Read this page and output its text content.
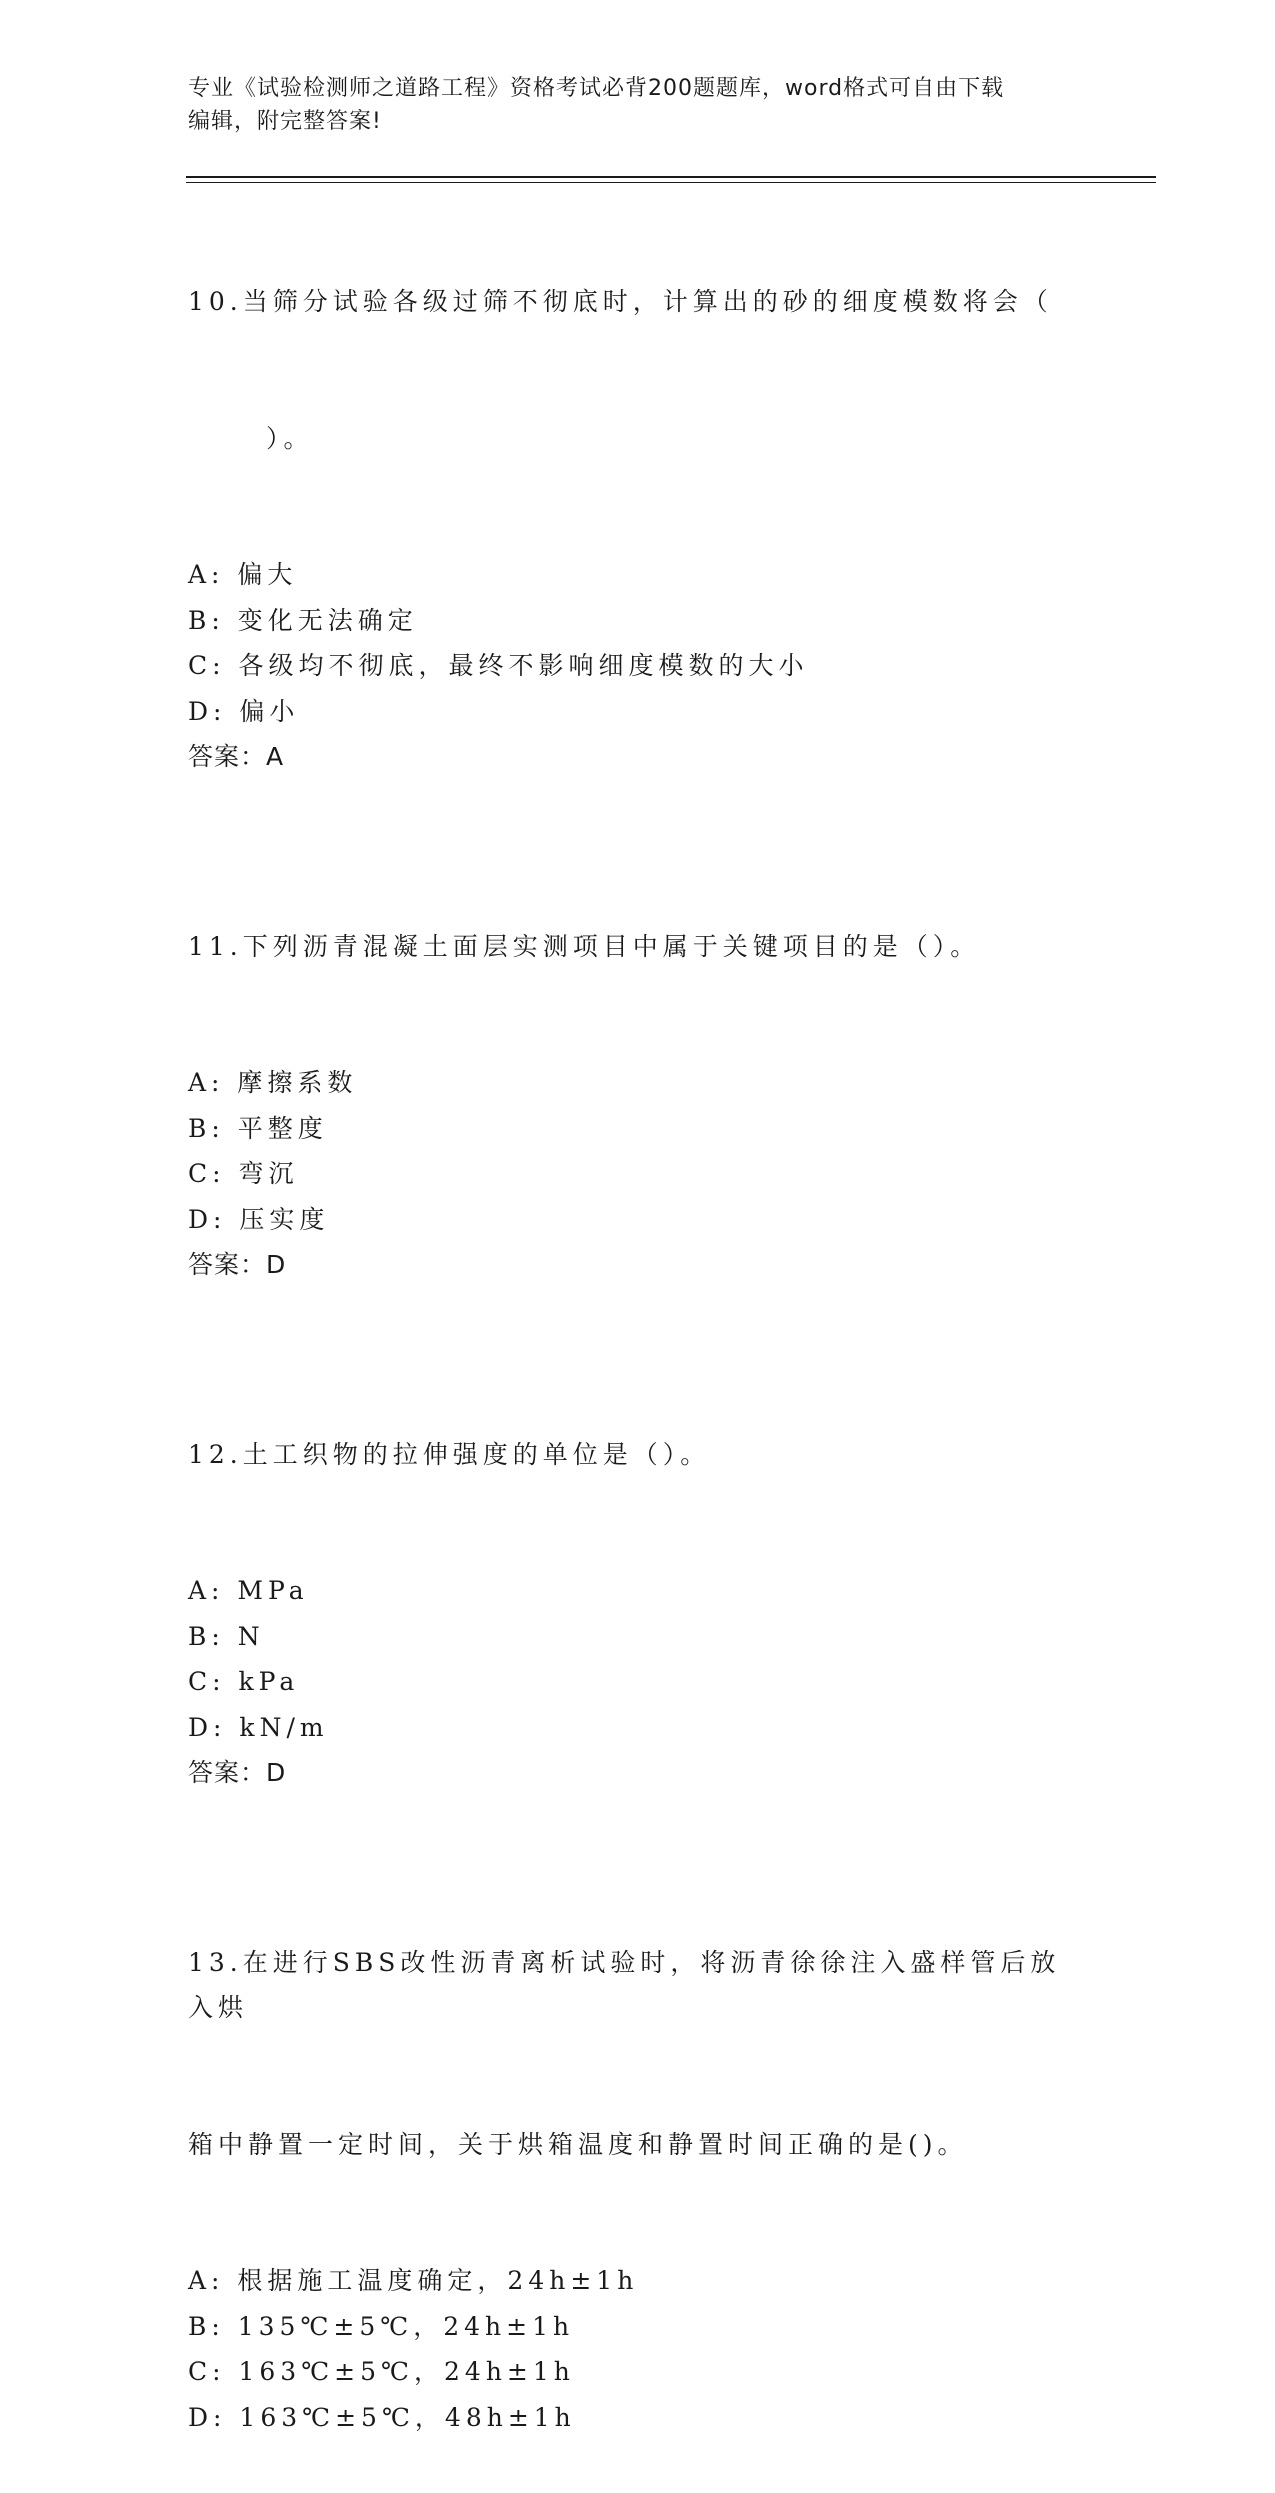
专业《试验检测师之道路工程》资格考试必背200题题库，word格式可自由下载
编辑，附完整答案!

10.当筛分试验各级过筛不彻底时，计算出的砂的细度模数将会（

）。

A: 偏大
B: 变化无法确定
C: 各级均不彻底，最终不影响细度模数的大小
D: 偏小
答案：A

11.下列沥青混凝土面层实测项目中属于关键项目的是（）。

A: 摩擦系数
B: 平整度
C: 弯沉
D: 压实度
答案：D

12.土工织物的拉伸强度的单位是（）。

A: MPa
B: N
C: kPa
D: kN/m
答案：D

13.在进行SBS改性沥青离析试验时，将沥青徐徐注入盛样管后放入烘

箱中静置一定时间，关于烘箱温度和静置时间正确的是()。

A: 根据施工温度确定，24h±1h
B: 135℃±5℃，24h±1h
C: 163℃±5℃，24h±1h
D: 163℃±5℃，48h±1h
